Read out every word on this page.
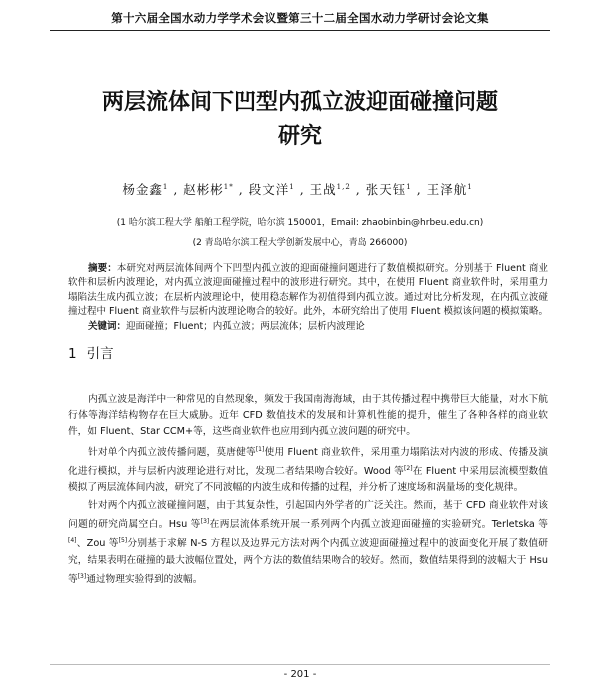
第十六届全国水动力学学术会议暨第三十二届全国水动力学研讨会论文集
两层流体间下凹型内孤立波迎面碰撞问题
研究
杨金鑫$^1$ , 赵彬彬$^{1*}$ , 段文洋$^1$ , 王战$^{1,2}$ , 张天钰$^1$ , 王泽航$^1$
(1 哈尔滨工程大学 船舶工程学院，哈尔滨 150001，Email: zhaobinbin@hrbeu.edu.cn)
(2 青岛哈尔滨工程大学创新发展中心，青岛 266000)

摘要：本研究对两层流体间两个下凹型内孤立波的迎面碰撞问题进行了数值模拟研究。分别基于 Fluent 商业软件和层析内波理论，对内孤立波迎面碰撞过程中的波形进行研究。其中，在使用 Fluent 商业软件时，采用重力塌陷法生成内孤立波；在层析内波理论中，使用稳态解作为初值得到内孤立波。通过对比分析发现，在内孤立波碰撞过程中 Fluent 商业软件与层析内波理论吻合的较好。此外，本研究给出了使用 Fluent 模拟该问题的模拟策略。

关键词：迎面碰撞；Fluent；内孤立波；两层流体；层析内波理论

1 引言

内孤立波是海洋中一种常见的自然现象，频发于我国南海海域，由于其传播过程中携带巨大能量，对水下航行体等海洋结构物存在巨大威胁。近年 CFD 数值技术的发展和计算机性能的提升，催生了各种各样的商业软件，如 Fluent、Star CCM+等，这些商业软件也应用到内孤立波问题的研究中。

针对单个内孤立波传播问题，莫唐健等[1]使用 Fluent 商业软件，采用重力塌陷法对内波的形成、传播及演化进行模拟，并与层析内波理论进行对比，发现二者结果吻合较好。Wood 等[2]在 Fluent 中采用层流模型数值模拟了两层流体间内波，研究了不同波幅的内波生成和传播的过程，并分析了速度场和涡量场的变化规律。

针对两个内孤立波碰撞问题，由于其复杂性，引起国内外学者的广泛关注。然而，基于 CFD 商业软件对该问题的研究尚属空白。Hsu 等[3]在两层流体系统开展一系列两个内孤立波迎面碰撞的实验研究。Terletska 等[4]、Zou 等[5]分别基于求解 N-S 方程以及边界元方法对两个内孤立波迎面碰撞过程中的波面变化开展了数值研究，结果表明在碰撞的最大波幅位置处，两个方法的数值结果吻合的较好。然而，数值结果得到的波幅大于 Hsu 等[3]通过物理实验得到的波幅。

- 201 -
